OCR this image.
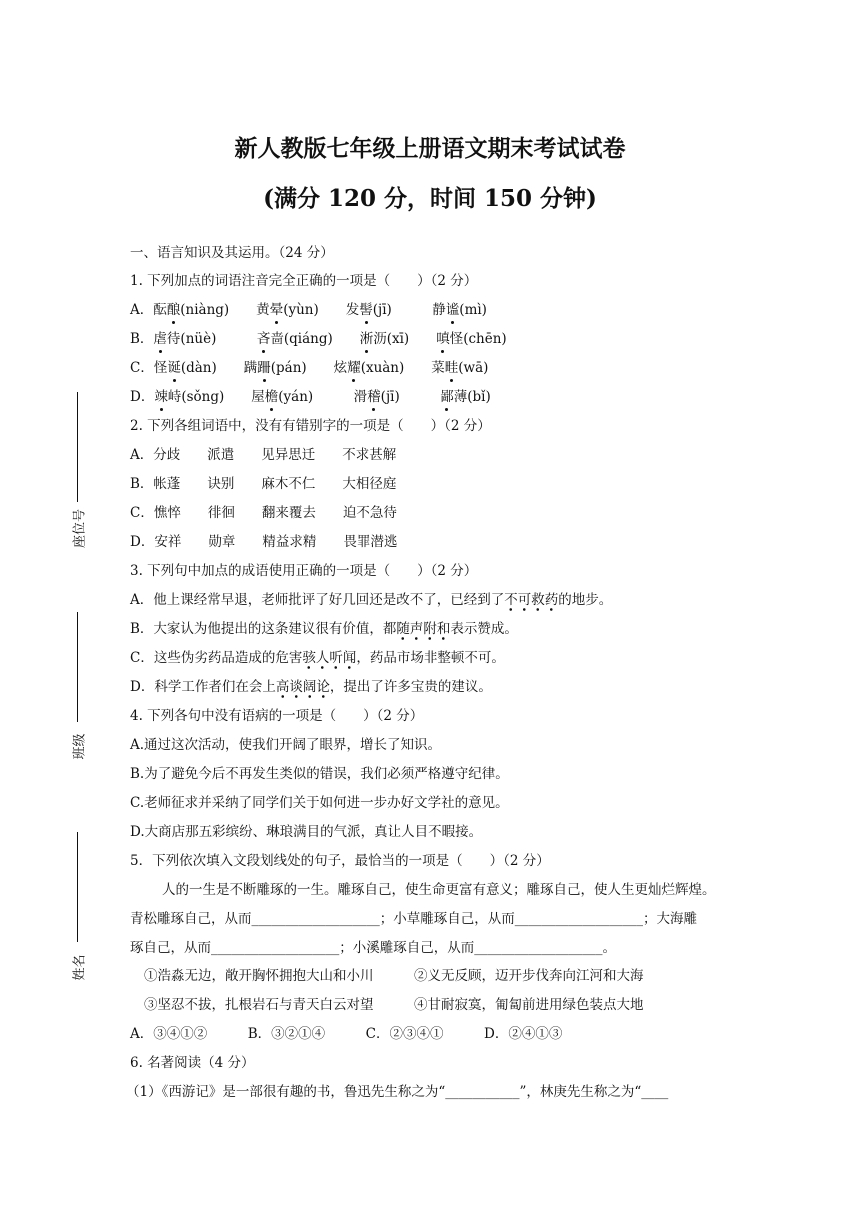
新人教版七年级上册语文期末考试试卷
(满分 120 分，时间 150 分钟)
座位号
班级
姓名
一、语言知识及其运用。（24 分）
1. 下列加点的词语注音完全正确的一项是（　　）（2 分）
A．酝酿(niàng)　　黄晕(yùn)　　发髻(jī)　　　静谧(mì)
B．虐待(nüè)　　　吝啬(qiáng)　　淅沥(xī)　　嗔怪(chēn)
C．怪诞(dàn)　　蹒跚(pán)　　炫耀(xuàn)　　菜畦(wā)
D．竦峙(sǒng)　　屋檐(yán)　　　滑稽(jī)　　　鄙薄(bǐ)
2. 下列各组词语中，没有有错别字的一项是（　　）（2 分）
A．分歧　　派遣　　见异思迁　　不求甚解
B．帐蓬　　诀别　　麻木不仁　　大相径庭
C．憔悴　　徘徊　　翻来覆去　　迫不急待
D．安祥　　勋章　　精益求精　　畏罪潜逃
3. 下列句中加点的成语使用正确的一项是（　　）（2 分）
A．他上课经常早退，老师批评了好几回还是改不了，已经到了不可救药的地步。
B．大家认为他提出的这条建议很有价值，都随声附和表示赞成。
C．这些伪劣药品造成的危害骇人听闻，药品市场非整顿不可。
D．科学工作者们在会上高谈阔论，提出了许多宝贵的建议。
4. 下列各句中没有语病的一项是（　　）（2 分）
A.通过这次活动，使我们开阔了眼界，增长了知识。
B.为了避免今后不再发生类似的错误，我们必须严格遵守纪律。
C.老师征求并采纳了同学们关于如何进一步办好文学社的意见。
D.大商店那五彩缤纷、琳琅满目的气派，真让人目不暇接。
5．下列依次填入文段划线处的句子，最恰当的一项是（　　）（2 分）
人的一生是不断雕琢的一生。雕琢自己，使生命更富有意义；雕琢自己，使人生更灿烂辉煌。
青松雕琢自己，从而___________________；小草雕琢自己，从而___________________；大海雕
琢自己，从而___________________；小溪雕琢自己，从而___________________。
①浩淼无边，敞开胸怀拥抱大山和小川　　　②义无反顾，迈开步伐奔向江河和大海
③坚忍不拔，扎根岩石与青天白云对望　　　④甘耐寂寞，匍匐前进用绿色装点大地
A．③④①②　　　B．③②①④　　　C．②③④①　　　D．②④①③
6. 名著阅读（4 分）
（1）《西游记》是一部很有趣的书，鲁迅先生称之为“___________”，林庚先生称之为“____
